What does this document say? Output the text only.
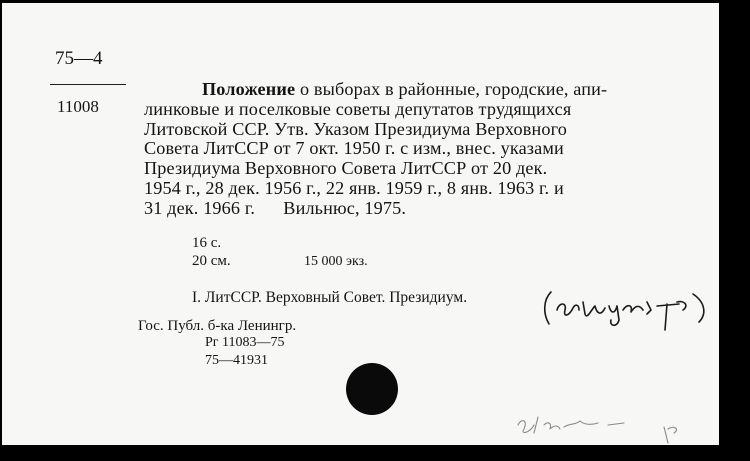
75—4
11008
Положение о выборах в районные, городские, апи-
линковые и поселковые советы депутатов трудящихся
Литовской ССР. Утв. Указом Президиума Верховного
Совета ЛитССР от 7 окт. 1950 г. с изм., внес. указами
Президиума Верховного Совета ЛитССР от 20 дек.
1954 г., 28 дек. 1956 г., 22 янв. 1959 г., 8 янв. 1963 г. и
31 дек. 1966 г.      Вильнюс, 1975.
16 с.
20 см.	15 000 экз.
I. ЛитССР. Верховный Совет. Президиум.
Гос. Публ. б-ка Ленингр.
Рг 11083—75
75—41931
